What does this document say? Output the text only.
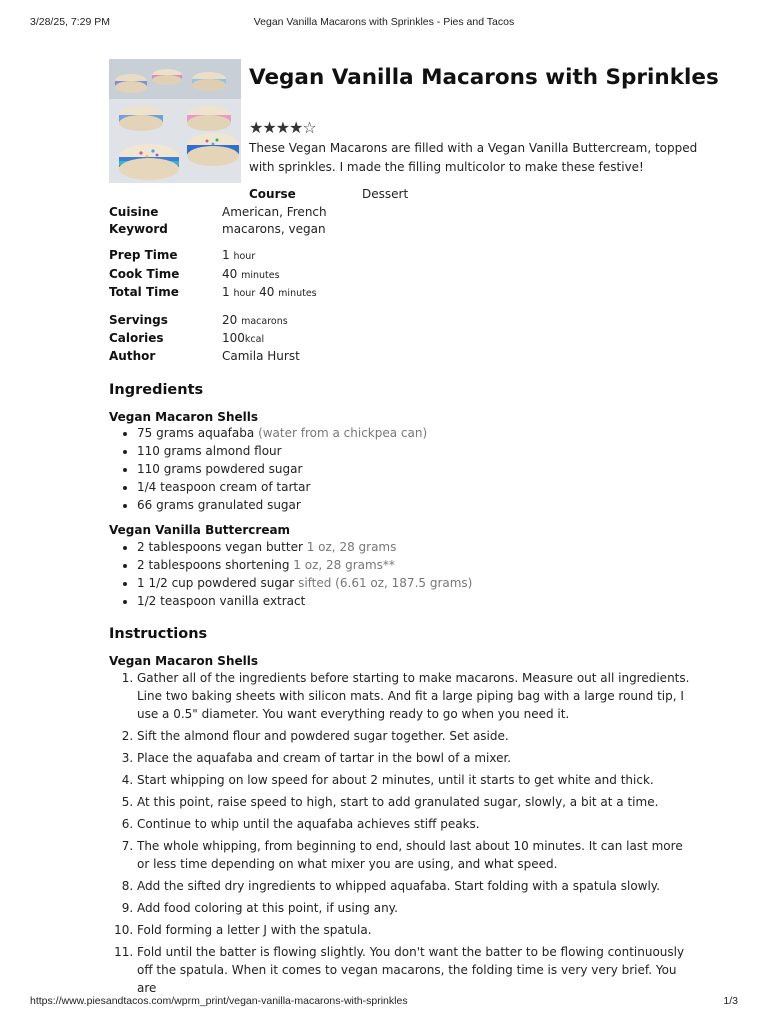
3/28/25, 7:29 PM	Vegan Vanilla Macarons with Sprinkles - Pies and Tacos
Vegan Vanilla Macarons with Sprinkles
★★★★☆

These Vegan Macarons are filled with a Vegan Vanilla Buttercream, topped with sprinkles. I made the filling multicolor to make these festive!

Course	Dessert
Cuisine	American, French
Keyword	macarons, vegan
Prep Time	1 hour
Cook Time	40 minutes
Total Time	1 hour 40 minutes
Servings	20 macarons
Calories	100kcal
Author	Camila Hurst
Ingredients
Vegan Macaron Shells
• 75 grams aquafaba (water from a chickpea can)
• 110 grams almond flour
• 110 grams powdered sugar
• 1/4 teaspoon cream of tartar
• 66 grams granulated sugar
Vegan Vanilla Buttercream
• 2 tablespoons vegan butter 1 oz, 28 grams
• 2 tablespoons shortening 1 oz, 28 grams**
• 1 1/2 cup powdered sugar sifted (6.61 oz, 187.5 grams)
• 1/2 teaspoon vanilla extract
Instructions
Vegan Macaron Shells
1. Gather all of the ingredients before starting to make macarons. Measure out all ingredients. Line two baking sheets with silicon mats. And fit a large piping bag with a large round tip, I use a 0.5" diameter. You want everything ready to go when you need it.
2. Sift the almond flour and powdered sugar together. Set aside.
3. Place the aquafaba and cream of tartar in the bowl of a mixer.
4. Start whipping on low speed for about 2 minutes, until it starts to get white and thick.
5. At this point, raise speed to high, start to add granulated sugar, slowly, a bit at a time.
6. Continue to whip until the aquafaba achieves stiff peaks.
7. The whole whipping, from beginning to end, should last about 10 minutes. It can last more or less time depending on what mixer you are using, and what speed.
8. Add the sifted dry ingredients to whipped aquafaba. Start folding with a spatula slowly.
9. Add food coloring at this point, if using any.
10. Fold forming a letter J with the spatula.
11. Fold until the batter is flowing slightly. You don't want the batter to be flowing continuously off the spatula. When it comes to vegan macarons, the folding time is very very brief. You are
https://www.piesandtacos.com/wprm_print/vegan-vanilla-macarons-with-sprinkles	1/3
